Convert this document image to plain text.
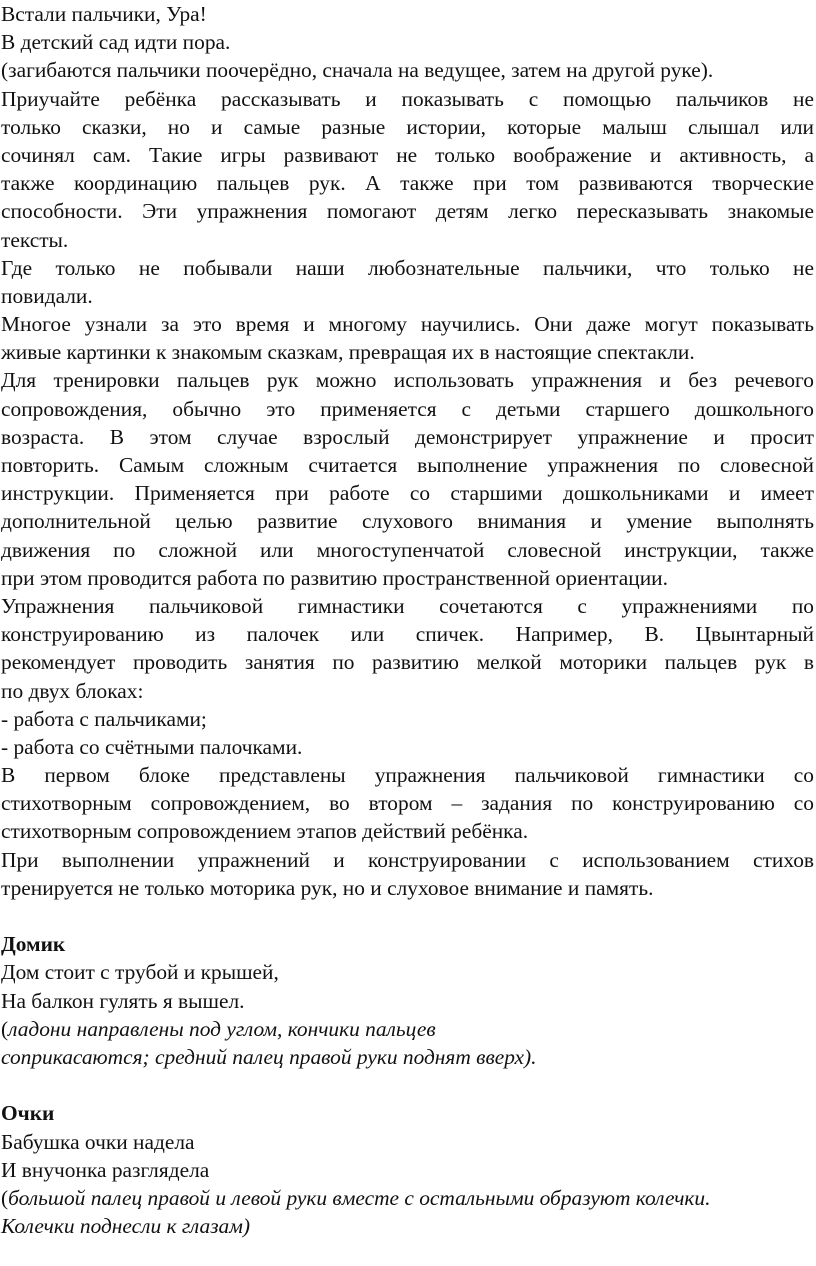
Встали пальчики, Ура!
В детский сад идти пора.
(загибаются пальчики поочерёдно, сначала на ведущее, затем на другой руке).
Приучайте ребёнка рассказывать и показывать с помощью пальчиков не
только сказки, но и самые разные истории, которые малыш слышал или
сочинял сам. Такие игры развивают не только воображение и активность, а
также координацию пальцев рук. А также при том развиваются творческие
способности. Эти упражнения помогают детям легко пересказывать знакомые
тексты.
Где только не побывали наши любознательные пальчики, что только не
повидали.
Многое узнали за это время и многому научились. Они даже могут показывать
живые картинки к знакомым сказкам, превращая их в настоящие спектакли.
Для тренировки пальцев рук можно использовать упражнения и без речевого
сопровождения, обычно это применяется с детьми старшего дошкольного
возраста. В этом случае взрослый демонстрирует упражнение и просит
повторить. Самым сложным считается выполнение упражнения по словесной
инструкции. Применяется при работе со старшими дошкольниками и имеет
дополнительной целью развитие слухового внимания и умение выполнять
движения по сложной или многоступенчатой словесной инструкции, также
при этом проводится работа по развитию пространственной ориентации.
Упражнения пальчиковой гимнастики сочетаются с упражнениями по
конструированию из палочек или спичек. Например, В. Цвынтарный
рекомендует проводить занятия по развитию мелкой моторики пальцев рук в
по двух блоках:
- работа с пальчиками;
- работа со счётными палочками.
В первом блоке представлены упражнения пальчиковой гимнастики со
стихотворным сопровождением, во втором – задания по конструированию со
стихотворным сопровождением этапов действий ребёнка.
При выполнении упражнений и конструировании с использованием стихов
тренируется не только моторика рук, но и слуховое внимание и память.
Домик
Дом стоит с трубой и крышей,
На балкон гулять я вышел.
(ладони направлены под углом, кончики пальцев
соприкасаются; средний палец правой руки поднят вверх).
Очки
Бабушка очки надела
И внучонка разглядела
(большой палец правой и левой руки вместе с остальными образуют колечки.
Колечки поднесли к глазам)
